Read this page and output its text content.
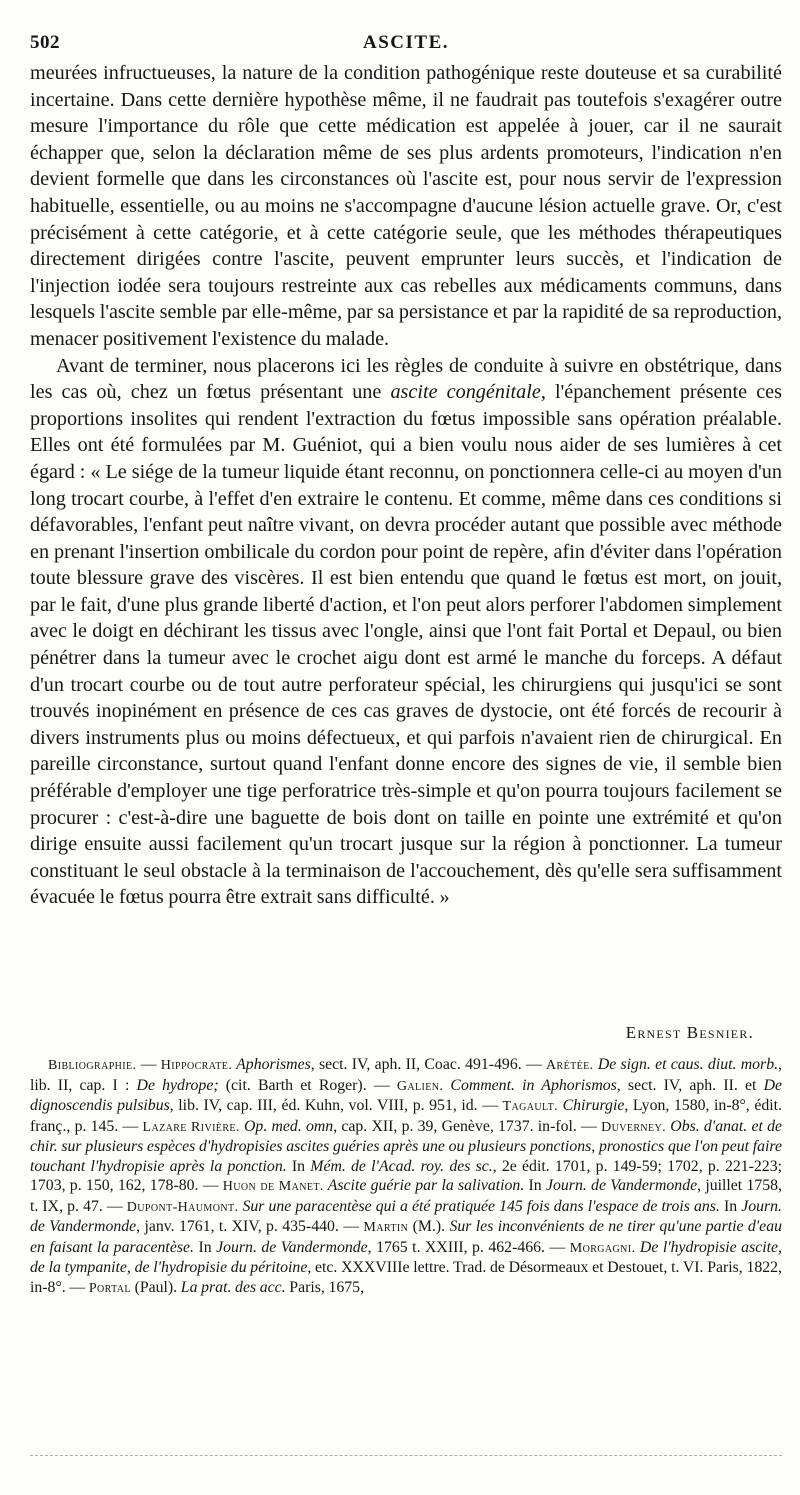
502	ASCITE.

meurées infructueuses, la nature de la condition pathogénique reste douteuse et sa curabilité incertaine. Dans cette dernière hypothèse même, il ne faudrait pas toutefois s'exagérer outre mesure l'importance du rôle que cette médication est appelée à jouer, car il ne saurait échapper que, selon la déclaration même de ses plus ardents promoteurs, l'indication n'en devient formelle que dans les circonstances où l'ascite est, pour nous servir de l'expression habituelle, essentielle, ou au moins ne s'accompagne d'aucune lésion actuelle grave. Or, c'est précisément à cette catégorie, et à cette catégorie seule, que les méthodes thérapeutiques directement dirigées contre l'ascite, peuvent emprunter leurs succès, et l'indication de l'injection iodée sera toujours restreinte aux cas rebelles aux médicaments communs, dans lesquels l'ascite semble par elle-même, par sa persistance et par la rapidité de sa reproduction, menacer positivement l'existence du malade.

Avant de terminer, nous placerons ici les règles de conduite à suivre en obstétrique, dans les cas où, chez un fœtus présentant une ascite congénitale, l'épanchement présente ces proportions insolites qui rendent l'extraction du fœtus impossible sans opération préalable. Elles ont été formulées par M. Guéniot, qui a bien voulu nous aider de ses lumières à cet égard : « Le siége de la tumeur liquide étant reconnu, on ponctionnera celle-ci au moyen d'un long trocart courbe, à l'effet d'en extraire le contenu. Et comme, même dans ces conditions si défavorables, l'enfant peut naître vivant, on devra procéder autant que possible avec méthode en prenant l'insertion ombilicale du cordon pour point de repère, afin d'éviter dans l'opération toute blessure grave des viscères. Il est bien entendu que quand le fœtus est mort, on jouit, par le fait, d'une plus grande liberté d'action, et l'on peut alors perforer l'abdomen simplement avec le doigt en déchirant les tissus avec l'ongle, ainsi que l'ont fait Portal et Depaul, ou bien pénétrer dans la tumeur avec le crochet aigu dont est armé le manche du forceps. A défaut d'un trocart courbe ou de tout autre perforateur spécial, les chirurgiens qui jusqu'ici se sont trouvés inopinément en présence de ces cas graves de dystocie, ont été forcés de recourir à divers instruments plus ou moins défectueux, et qui parfois n'avaient rien de chirurgical. En pareille circonstance, surtout quand l'enfant donne encore des signes de vie, il semble bien préférable d'employer une tige perforatrice très-simple et qu'on pourra toujours facilement se procurer : c'est-à-dire une baguette de bois dont on taille en pointe une extrémité et qu'on dirige ensuite aussi facilement qu'un trocart jusque sur la région à ponctionner. La tumeur constituant le seul obstacle à la terminaison de l'accouchement, dès qu'elle sera suffisamment évacuée le fœtus pourra être extrait sans difficulté. »

Ernest Besnier.
Bibliographie. — Hippocrate. Aphorismes, sect. IV, aph. II, Coac. 491-496. — Arétée. De sign. et caus. diut. morb., lib. II, cap. I : De hydrope; (cit. Barth et Roger). — Galien. Comment. in Aphorismos, sect. IV, aph. II. et De dignoscendis pulsibus, lib. IV, cap. III, éd. Kuhn, vol. VIII, p. 951, id. — Tagault. Chirurgie, Lyon, 1580, in-8°, édit. franç., p. 145. — Lazare Rivière. Op. med. omn, cap. XII, p. 39, Genève, 1737. in-fol. — Duverney. Obs. d'anat. et de chir. sur plusieurs espèces d'hydropisies ascites guéries après une ou plusieurs ponctions, pronostics que l'on peut faire touchant l'hydropisie après la ponction. In Mém. de l'Acad. roy. des sc., 2e édit. 1701, p. 149-59; 1702, p. 221-223; 1703, p. 150, 162, 178-80. — Huon de Manet. Ascite guérie par la salivation. In Journ. de Vandermonde, juillet 1758, t. IX, p. 47. — Dupont-Haumont. Sur une paracentèse qui a été pratiquée 145 fois dans l'espace de trois ans. In Journ. de Vandermonde, janv. 1761, t. XIV, p. 435-440. — Martin (M.). Sur les inconvénients de ne tirer qu'une partie d'eau en faisant la paracentèse. In Journ. de Vandermonde, 1765 t. XXIII, p. 462-466. — Morgagni. De l'hydropisie ascite, de la tympanite, de l'hydropisie du péritoine, etc. XXXVIIIe lettre. Trad. de Désormeaux et Destouet, t. VI. Paris, 1822, in-8°. — Portal (Paul). La prat. des acc. Paris, 1675,
